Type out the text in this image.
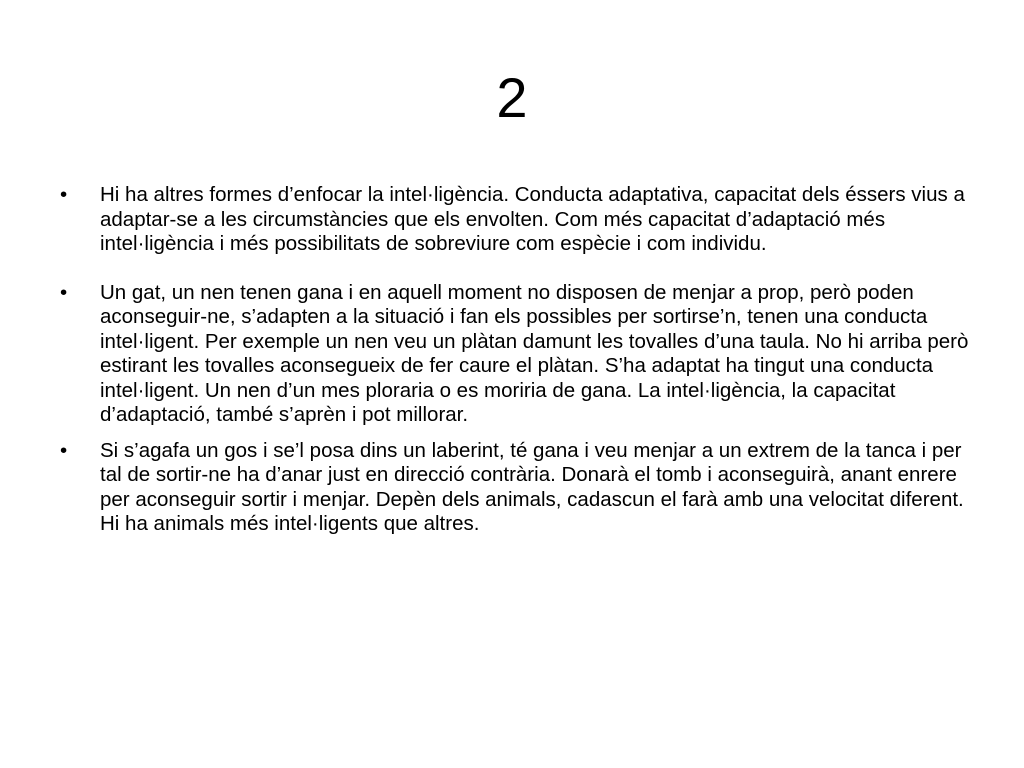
2
•	Hi ha altres formes d’enfocar la intel·ligència. Conducta adaptativa, capacitat dels éssers vius a adaptar-se a les circumstàncies que els envolten. Com més capacitat d’adaptació més intel·ligència i més possibilitats de sobreviure com espècie i com individu.
•	Un gat, un nen tenen gana i en aquell moment no disposen de menjar a prop, però poden aconseguir-ne, s’adapten a la situació i fan els possibles per sortirse’n, tenen una conducta intel·ligent. Per exemple un nen veu un plàtan damunt les tovalles d’una taula. No hi arriba però estirant les tovalles aconsegueix de fer caure el plàtan. S’ha adaptat ha tingut una conducta intel·ligent. Un nen d’un mes ploraria o es moriria de gana. La intel·ligència, la capacitat d’adaptació, també s’aprèn i pot millorar.
•	Si s’agafa un gos i se’l posa dins un laberint, té gana i veu menjar a un extrem de la tanca i per tal de sortir-ne ha d’anar just en direcció contrària. Donarà el tomb i aconseguirà, anant enrere per aconseguir sortir i menjar. Depèn dels animals, cadascun el farà amb una velocitat diferent. Hi ha animals més intel·ligents que altres.
